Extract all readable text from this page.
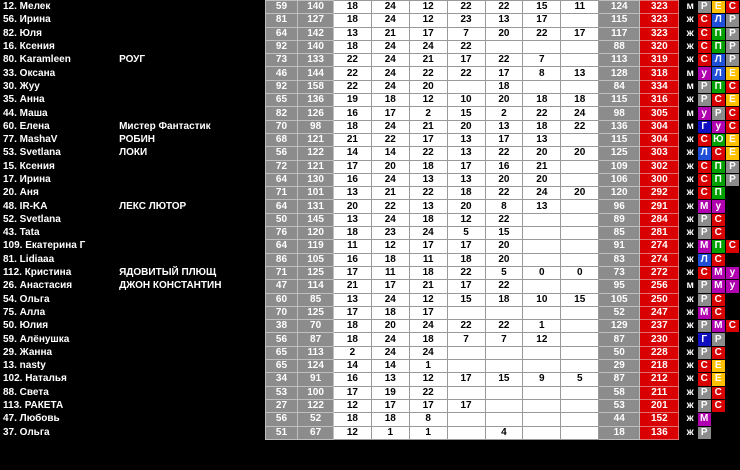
12. Мелек		59	140	18	24	12	22	22	15	11	124	323		м	Р	Е	С
56. Ирина		81	127	18	24	12	23	13	17		115	323		ж	С	Л	Р
82. Юля		64	142	13	21	17	7	20	22	17	117	323		ж	С	П	Р
16. Ксения		92	140	18	24	24	22				88	320		ж	С	П	Р
80. Karamleen	РОУГ	73	133	22	24	21	17	22	7		113	319		ж	С	Л	Р
33. Оксана		46	144	22	24	22	22	17	8	13	128	318		м	у	Л	Е
30. Жуу		92	158	22	24	20		18			84	334		м	Р	П	С
35. Анна		65	136	19	18	12	10	20	18	18	115	316		ж	Р	С	Е
44. Маша		82	126	16	17	2	15	2	22	24	98	305		м	у	Р	С
60. Елена	Мистер Фантастик	70	98	18	24	21	20	13	18	22	136	304		м	Г	у	С
77. MashaV	РОБИН	68	121	21	22	17	13	17	13		115	304		ж	С	Ю	Е
53. Svetlana	ЛОКИ	56	122	14	14	22	13	22	20	20	125	303		ж	Л	С	Е
15. Ксения		72	121	17	20	18	17	16	21		109	302		ж	С	П	Р
17. Ирина		64	130	16	24	13	13	20	20		106	300		ж	С	П	Р
20. Аня		71	101	13	21	22	18	22	24	20	120	292		ж	С	П	
48. IR-KA	ЛЕКС ЛЮТОР	64	131	20	22	13	20	8	13		96	291		ж	М	у	
52. Svetlana		50	145	13	24	18	12	22			89	284		ж	Р	С	
43. Tata		76	120	18	23	24	5	15			85	281		ж	Р	С	
109. Екатерина Г		64	119	11	12	17	17	20			91	274		ж	М	П	С
81. Lidiaaa		86	105	16	18	11	18	20			83	274		ж	Л	С	
112. Кристина	ЯДОВИТЫЙ ПЛЮЩ	71	125	17	11	18	22	5	0	0	73	272		ж	С	М	у
26. Анастасия	ДЖОН КОНСТАНТИН	47	114	21	17	21	17	22			95	256		м	Р	М	у
54. Ольга		60	85	13	24	12	15	18	10	15	105	250		ж	Р	С	
75. Алла		70	125	17	18	17					52	247		ж	М	С	
50. Юлия		38	70	18	20	24	22	22	1		129	237		ж	Р	М	С
59. Алёнушка		56	87	18	24	18	7	7	12		87	230		ж	Г	Р	
29. Жанна		65	113	2	24	24					50	228		ж	Р	С	
13. nasty		65	124	14	14	1					29	218		ж	С	Е	
102. Наталья		34	91	16	13	12	17	15	9	5	87	212		ж	С	Е	
88. Света		53	100	17	19	22					58	211		ж	Р	С	
113. РАКЕТА		27	122	12	17	17	17				53	201		ж	Р	С	
47. Любовь		56	52	18	18	8					44	152		ж	М		
37. Ольга		51	67	12	1	1		4			18	136		ж	Р		
